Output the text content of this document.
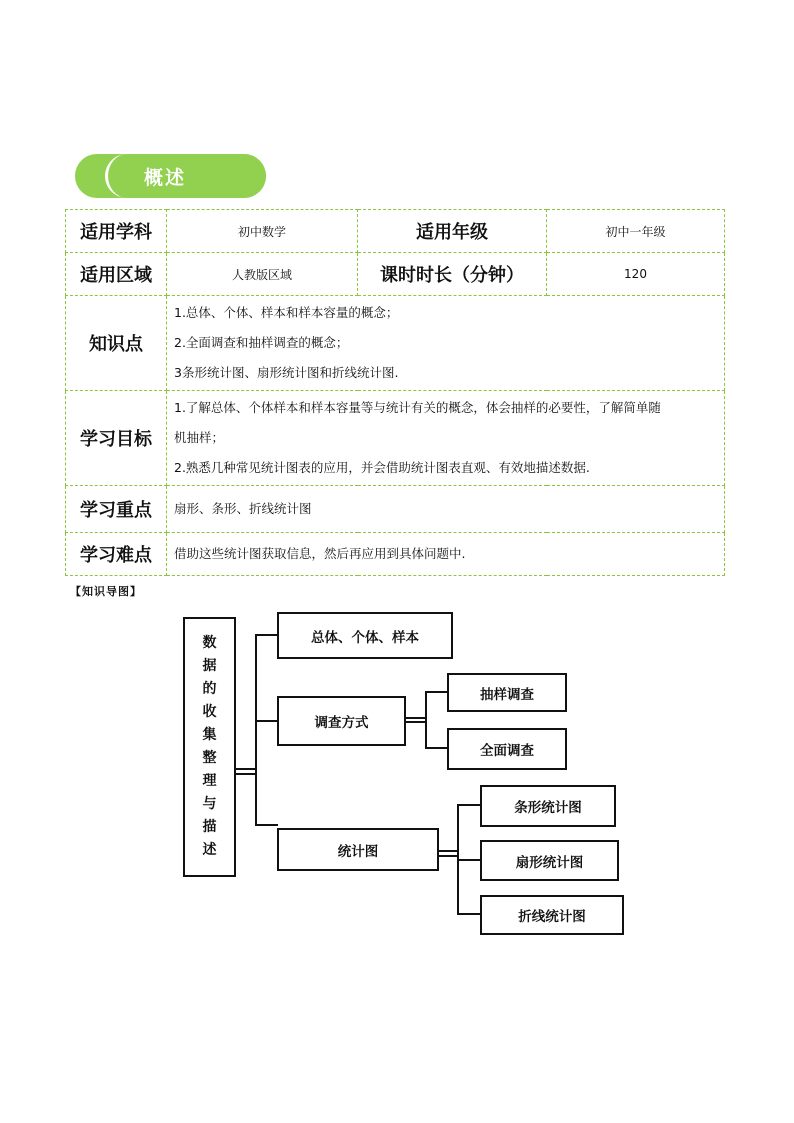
概述
适用学科	初中数学	适用年级	初中一年级
适用区域	人教版区域	课时时长（分钟）	120
知识点	1.总体、个体、样本和样本容量的概念；
2.全面调查和抽样调查的概念；
3条形统计图、扇形统计图和折线统计图.		

学习目标	1.了解总体、个体样本和样本容量等与统计有关的概念，体会抽样的必要性，了解简单随
机抽样；
2.熟悉几种常见统计图表的应用，并会借助统计图表直观、有效地描述数据.		

学习重点	扇形、条形、折线统计图		
学习难点	借助这些统计图获取信息，然后再应用到具体问题中.		
【知识导图】
数
据
的
收
集
整
理
与
描
述
总体、个体、样本
调查方式
抽样调查
全面调查
统计图
条形统计图
扇形统计图
折线统计图
